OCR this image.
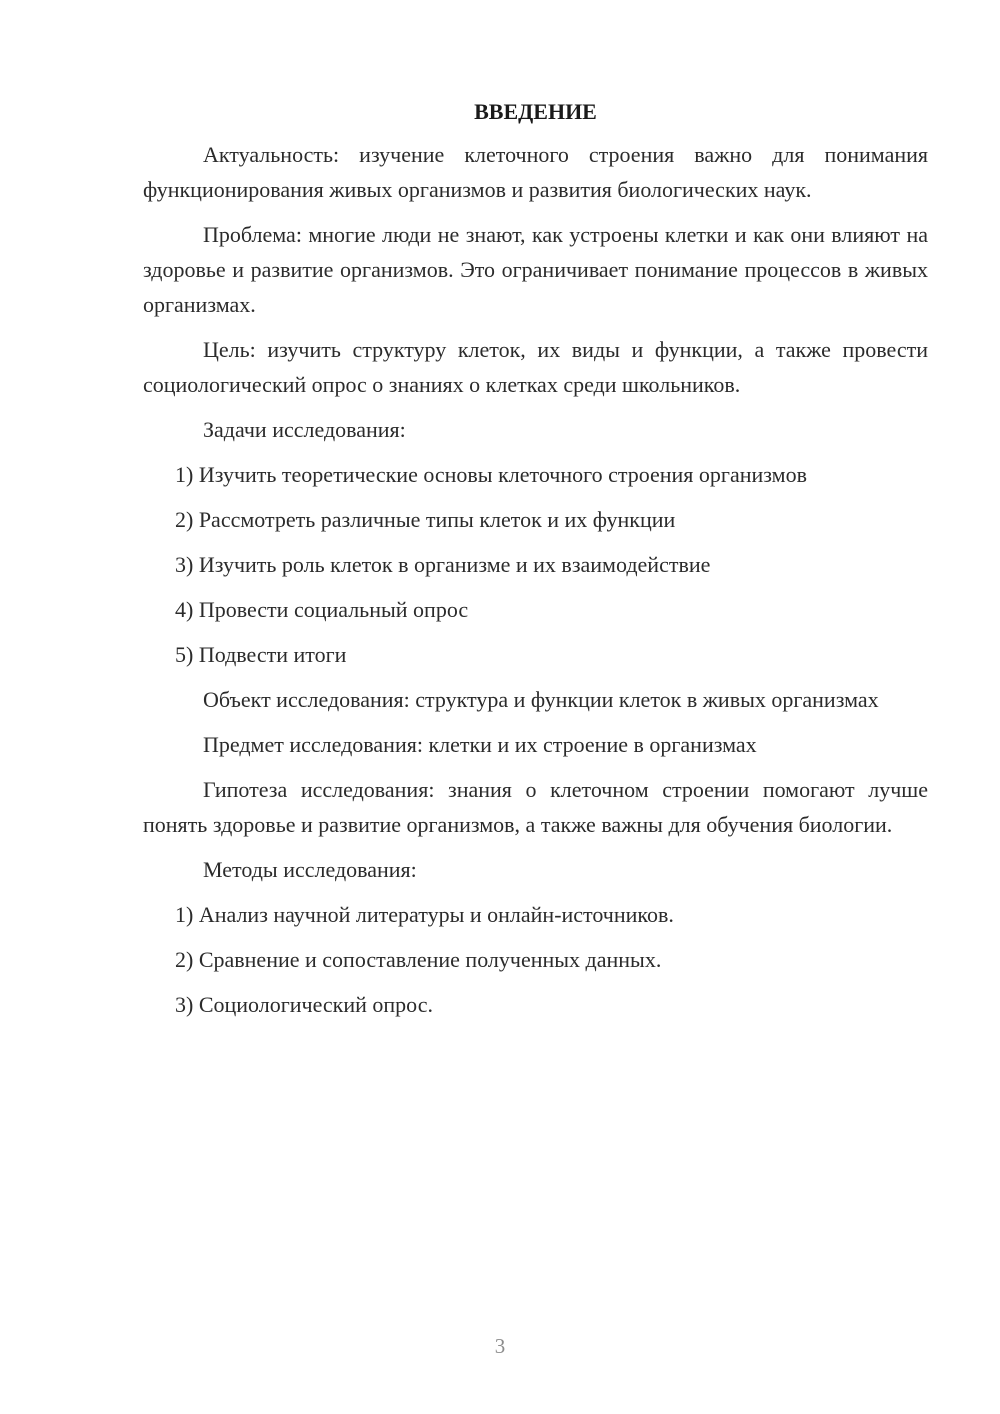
ВВЕДЕНИЕ

Актуальность: изучение клеточного строения важно для понимания функционирования живых организмов и развития биологических наук.

Проблема: многие люди не знают, как устроены клетки и как они влияют на здоровье и развитие организмов. Это ограничивает понимание процессов в живых организмах.

Цель: изучить структуру клеток, их виды и функции, а также провести социологический опрос о знаниях о клетках среди школьников.

Задачи исследования:

1) Изучить теоретические основы клеточного строения организмов
2) Рассмотреть различные типы клеток и их функции
3) Изучить роль клеток в организме и их взаимодействие
4) Провести социальный опрос
5) Подвести итоги

Объект исследования: структура и функции клеток в живых организмах

Предмет исследования: клетки и их строение в организмах

Гипотеза исследования: знания о клеточном строении помогают лучше понять здоровье и развитие организмов, а также важны для обучения биологии.

Методы исследования:

1) Анализ научной литературы и онлайн-источников.
2) Сравнение и сопоставление полученных данных.
3) Социологический опрос.
3
